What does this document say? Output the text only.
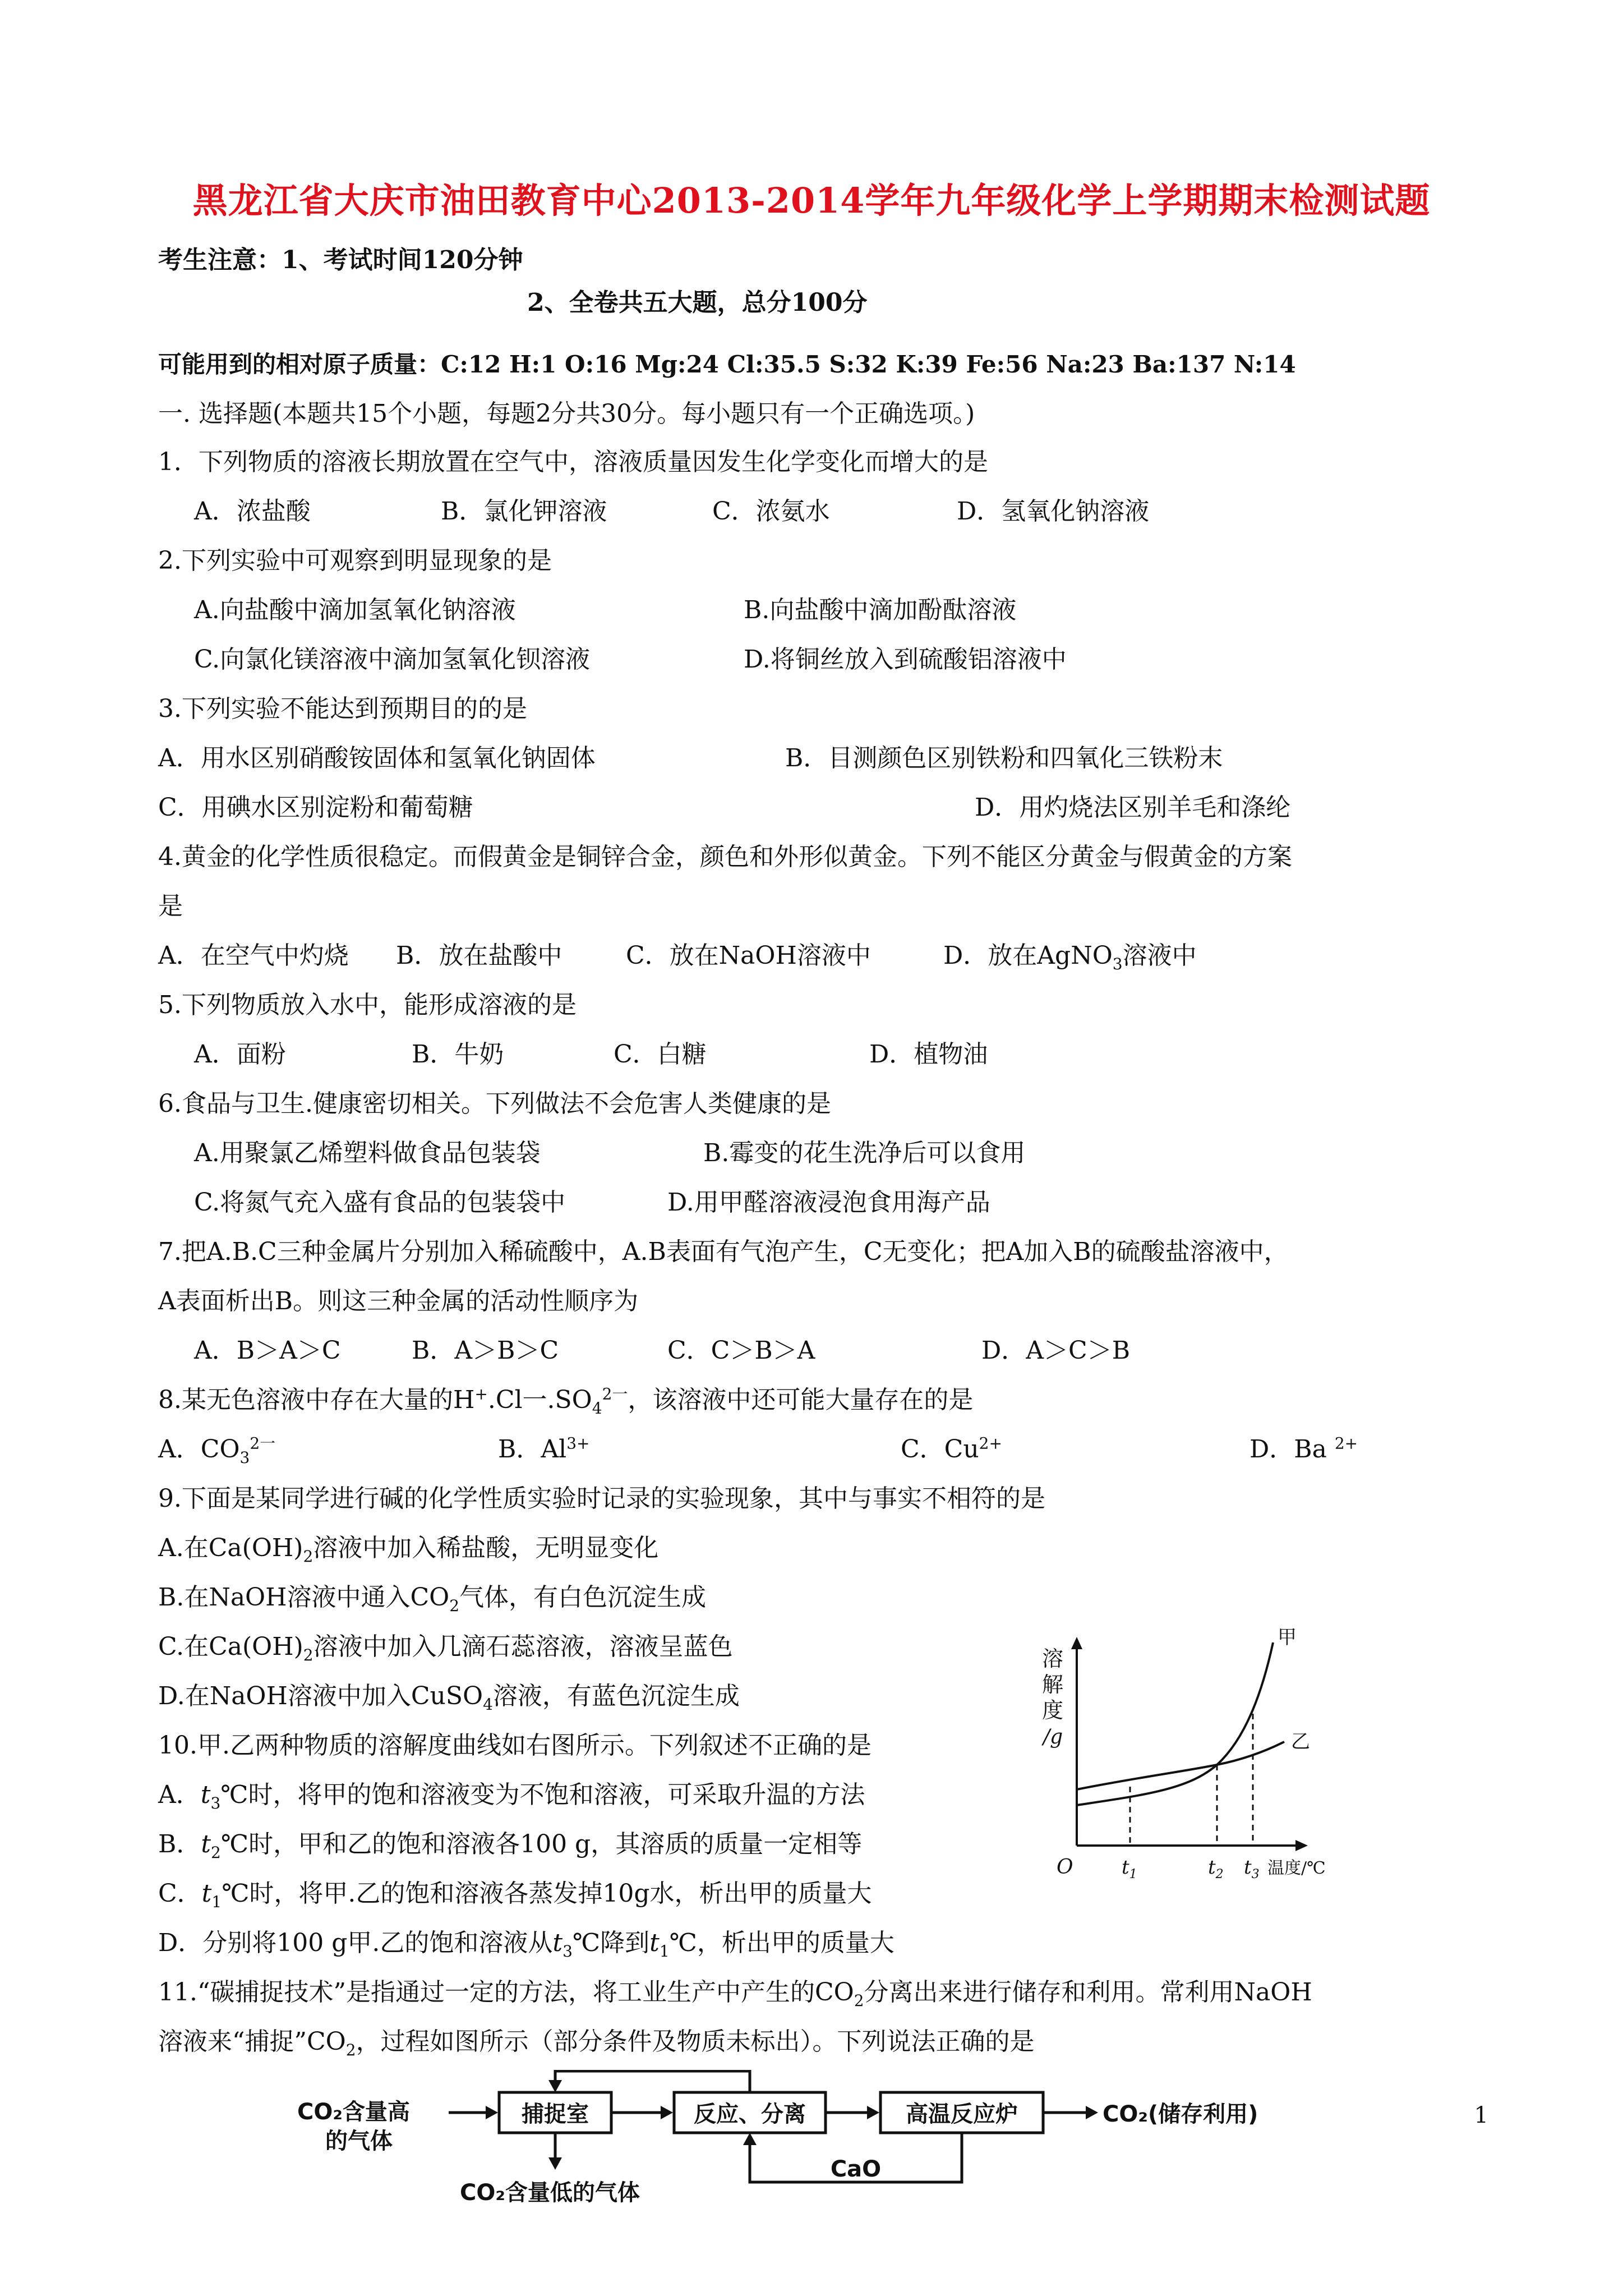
黑龙江省大庆市油田教育中心2013-2014学年九年级化学上学期期末检测试题
考生注意：1、考试时间120分钟
2、全卷共五大题，总分100分
可能用到的相对原子质量：C:12 H:1 O:16 Mg:24 Cl:35.5 S:32 K:39 Fe:56 Na:23 Ba:137 N:14
一. 选择题(本题共15个小题，每题2分共30分。每小题只有一个正确选项。)
1．下列物质的溶液长期放置在空气中，溶液质量因发生化学变化而增大的是
A．浓盐酸	B．氯化钾溶液	C．浓氨水	D．氢氧化钠溶液
2.下列实验中可观察到明显现象的是
A.向盐酸中滴加氢氧化钠溶液	B.向盐酸中滴加酚酞溶液
C.向氯化镁溶液中滴加氢氧化钡溶液	D.将铜丝放入到硫酸铝溶液中
3.下列实验不能达到预期目的的是
A．用水区别硝酸铵固体和氢氧化钠固体	B．目测颜色区别铁粉和四氧化三铁粉末
C．用碘水区别淀粉和葡萄糖	D．用灼烧法区别羊毛和涤纶
4.黄金的化学性质很稳定。而假黄金是铜锌合金，颜色和外形似黄金。下列不能区分黄金与假黄金的方案
是
A．在空气中灼烧 B．放在盐酸中	C．放在NaOH溶液中	D．放在AgNO$_3$溶液中
5.下列物质放入水中，能形成溶液的是
A．面粉	B．牛奶	C．白糖	D．植物油
6.食品与卫生.健康密切相关。下列做法不会危害人类健康的是
A.用聚氯乙烯塑料做食品包装袋	B.霉变的花生洗净后可以食用
C.将氮气充入盛有食品的包装袋中	D.用甲醛溶液浸泡食用海产品
7.把A.B.C三种金属片分别加入稀硫酸中，A.B表面有气泡产生，C无变化；把A加入B的硫酸盐溶液中，
A表面析出B。则这三种金属的活动性顺序为
A．B＞A＞C	B．A＞B＞C	C．C＞B＞A	D．A＞C＞B
8.某无色溶液中存在大量的H+.Cl一$.SO_4^{2一}$，该溶液中还可能大量存在的是
A．$CO_3^{2一}$	B．$Al^{3+}$	C．$Cu^{2+}$	D．Ba $^{2+}$
9.下面是某同学进行碱的化学性质实验时记录的实验现象，其中与事实不相符的是
A.在$Ca(OH)_2$溶液中加入稀盐酸，无明显变化
B.在NaOH溶液中通入$CO_2$气体，有白色沉淀生成
C.在$Ca(OH)_2$溶液中加入几滴石蕊溶液，溶液呈蓝色
D.在NaOH溶液中加入CuSO$_4$溶液，有蓝色沉淀生成
10.甲.乙两种物质的溶解度曲线如右图所示。下列叙述不正确的是
A．$t_3℃$时，将甲的饱和溶液变为不饱和溶液，可采取升温的方法
B．$t_2℃$时，甲和乙的饱和溶液各100 g，其溶质的质量一定相等
C．$t_1℃$时，将甲.乙的饱和溶液各蒸发掉10g水，析出甲的质量大
D．分别将100 g甲.乙的饱和溶液从$t_3℃$降到$t_1℃$，析出甲的质量大
溶
解
度
/g
甲
乙
O	$t_1$	$t_2$ $t_3$ 温度/℃
11.“碳捕捉技术”是指通过一定的方法，将工业生产中产生的$CO_2$分离出来进行储存和利用。常利用NaOH
溶液来“捕捉$”CO_2$，过程如图所示（部分条件及物质未标出）。下列说法正确的是
CO₂含量高
的气体
捕捉室	反应、分离	高温反应炉	CO₂(储存利用)
CaO
CO₂含量低的气体
1
